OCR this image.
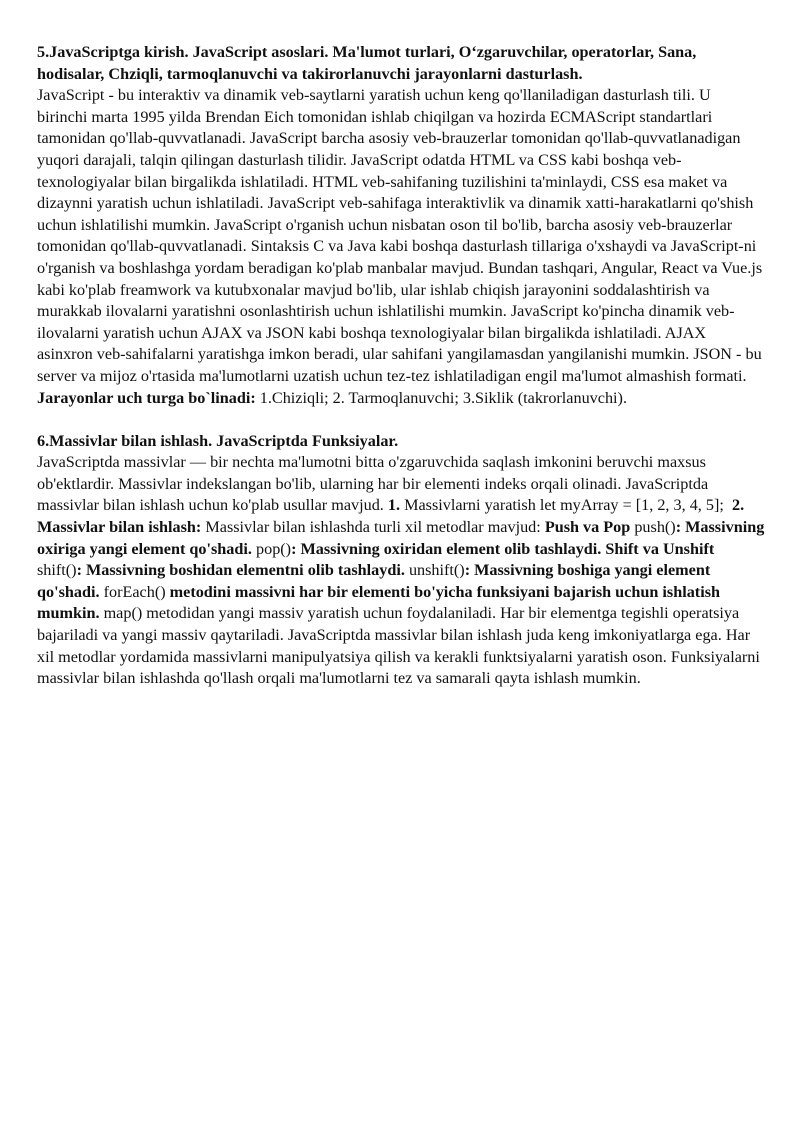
5.JavaScriptga kirish. JavaScript asoslari. Ma'lumot turlari, O‘zgaruvchilar, operatorlar, Sana, hodisalar, Chziqli, tarmoqlanuvchi va takirorlanuvchi jarayonlarni dasturlash.

JavaScript - bu interaktiv va dinamik veb-saytlarni yaratish uchun keng qo'llaniladigan dasturlash tili. U birinchi marta 1995 yilda Brendan Eich tomonidan ishlab chiqilgan va hozirda ECMAScript standartlari tamonidan qo'llab-quvvatlanadi. JavaScript barcha asosiy veb-brauzerlar tomonidan qo'llab-quvvatlanadigan yuqori darajali, talqin qilingan dasturlash tilidir. JavaScript odatda HTML va CSS kabi boshqa veb-texnologiyalar bilan birgalikda ishlatiladi. HTML veb-sahifaning tuzilishini ta'minlaydi, CSS esa maket va dizaynni yaratish uchun ishlatiladi. JavaScript veb-sahifaga interaktivlik va dinamik xatti-harakatlarni qo'shish uchun ishlatilishi mumkin. JavaScript o'rganish uchun nisbatan oson til bo'lib, barcha asosiy veb-brauzerlar tomonidan qo'llab-quvvatlanadi. Sintaksis C va Java kabi boshqa dasturlash tillariga o'xshaydi va JavaScript-ni o'rganish va boshlashga yordam beradigan ko'plab manbalar mavjud. Bundan tashqari, Angular, React va Vue.js kabi ko'plab freamwork va kutubxonalar mavjud bo'lib, ular ishlab chiqish jarayonini soddalashtirish va murakkab ilovalarni yaratishni osonlashtirish uchun ishlatilishi mumkin. JavaScript ko'pincha dinamik veb-ilovalarni yaratish uchun AJAX va JSON kabi boshqa texnologiyalar bilan birgalikda ishlatiladi. AJAX asinxron veb-sahifalarni yaratishga imkon beradi, ular sahifani yangilamasdan yangilanishi mumkin. JSON - bu server va mijoz o'rtasida ma'lumotlarni uzatish uchun tez-tez ishlatiladigan engil ma'lumot almashish formati. Jarayonlar uch turga bo`linadi: 1.Chiziqli; 2. Tarmoqlanuvchi; 3.Siklik (takrorlanuvchi).

6.Massivlar bilan ishlash. JavaScriptda Funksiyalar.

JavaScriptda massivlar — bir nechta ma'lumotni bitta o'zgaruvchida saqlash imkonini beruvchi maxsus ob'ektlardir. Massivlar indekslangan bo'lib, ularning har bir elementi indeks orqali olinadi. JavaScriptda massivlar bilan ishlash uchun ko'plab usullar mavjud. 1. Massivlarni yaratish let myArray = [1, 2, 3, 4, 5]; 2. Massivlar bilan ishlash: Massivlar bilan ishlashda turli xil metodlar mavjud: Push va Pop push(): Massivning oxiriga yangi element qo'shadi. pop(): Massivning oxiridan element olib tashlaydi. Shift va Unshift  shift(): Massivning boshidan elementni olib tashlaydi. unshift(): Massivning boshiga yangi element qo'shadi. forEach() metodini massivni har bir elementi bo'yicha funksiyani bajarish uchun ishlatish mumkin. map() metodidan yangi massiv yaratish uchun foydalaniladi. Har bir elementga tegishli operatsiya bajariladi va yangi massiv qaytariladi. JavaScriptda massivlar bilan ishlash juda keng imkoniyatlarga ega. Har xil metodlar yordamida massivlarni manipulyatsiya qilish va kerakli funktsiyalarni yaratish oson. Funksiyalarni massivlar bilan ishlashda qo'llash orqali ma'lumotlarni tez va samarali qayta ishlash mumkin.
